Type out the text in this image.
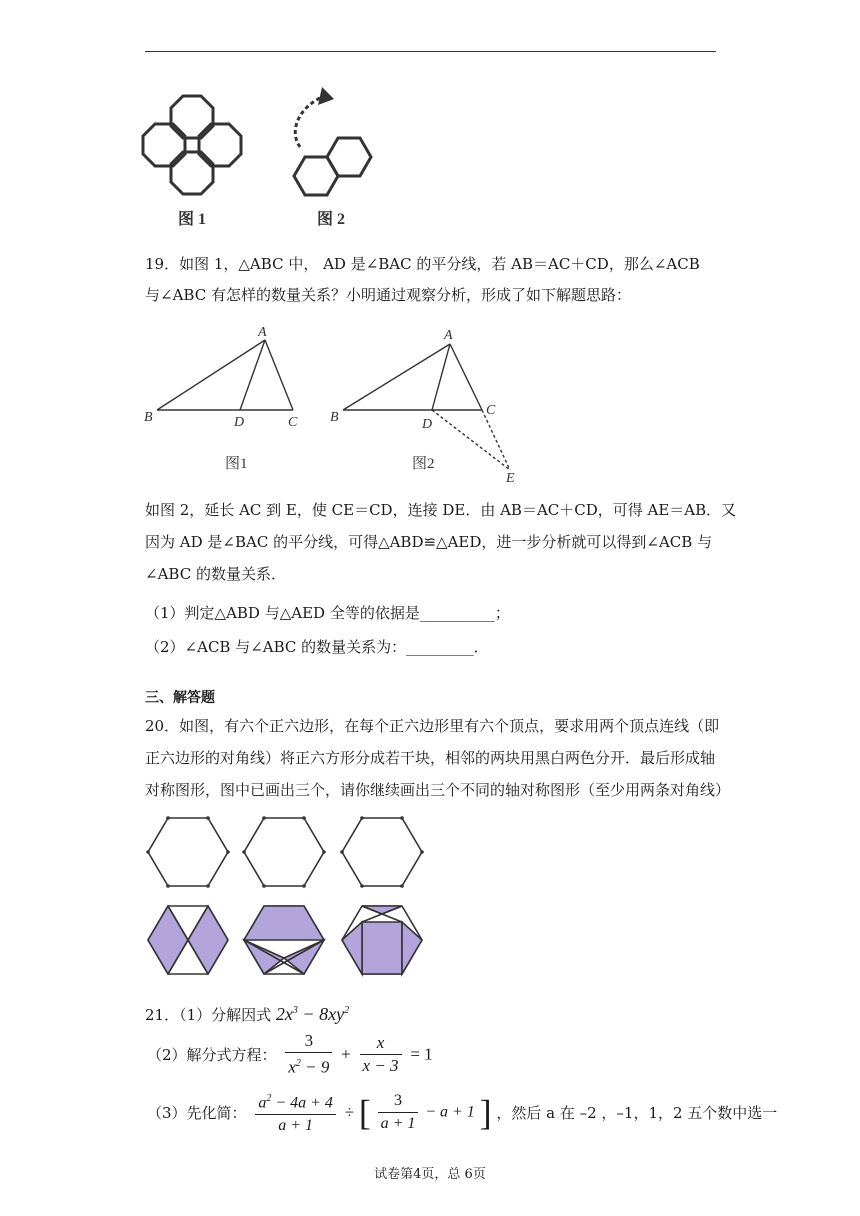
图 1	图 2
19．如图 1，△ABC 中， AD 是∠BAC 的平分线，若 AB＝AC＋CD，那么∠ACB
与∠ABC 有怎样的数量关系？小明通过观察分析，形成了如下解题思路：
A
B	D	C
图1
A
B	D
C
E
图2
如图 2，延长 AC 到 E，使 CE＝CD，连接 DE．由 AB＝AC＋CD，可得 AE＝AB．又
因为 AD 是∠BAC 的平分线，可得△ABD≌△AED，进一步分析就可以得到∠ACB 与
∠ABC 的数量关系．
（1）判定△ABD 与△AED 全等的依据是__________；
（2）∠ACB 与∠ABC 的数量关系为：_________．
三、解答题
20．如图，有六个正六边形，在每个正六边形里有六个顶点，要求用两个顶点连线（即
正六边形的对角线）将正六方形分成若干块，相邻的两块用黑白两色分开．最后形成轴
对称图形，图中已画出三个，请你继续画出三个不同的轴对称图形（至少用两条对角线）
21．（1）分解因式 $2x^3 - 8xy^2$
（2）解分式方程： $\frac{3}{x^2 - 9} + \frac{x}{x - 3} = 1$
（3）先化简： $\frac{a^2 - 4a + 4}{a + 1}$ ÷ [ $\frac{3}{a + 1} - a + 1$ ] ，然后 a 在 –2 ，–1，1，2 五个数中选一
试卷第4页，总 6页
